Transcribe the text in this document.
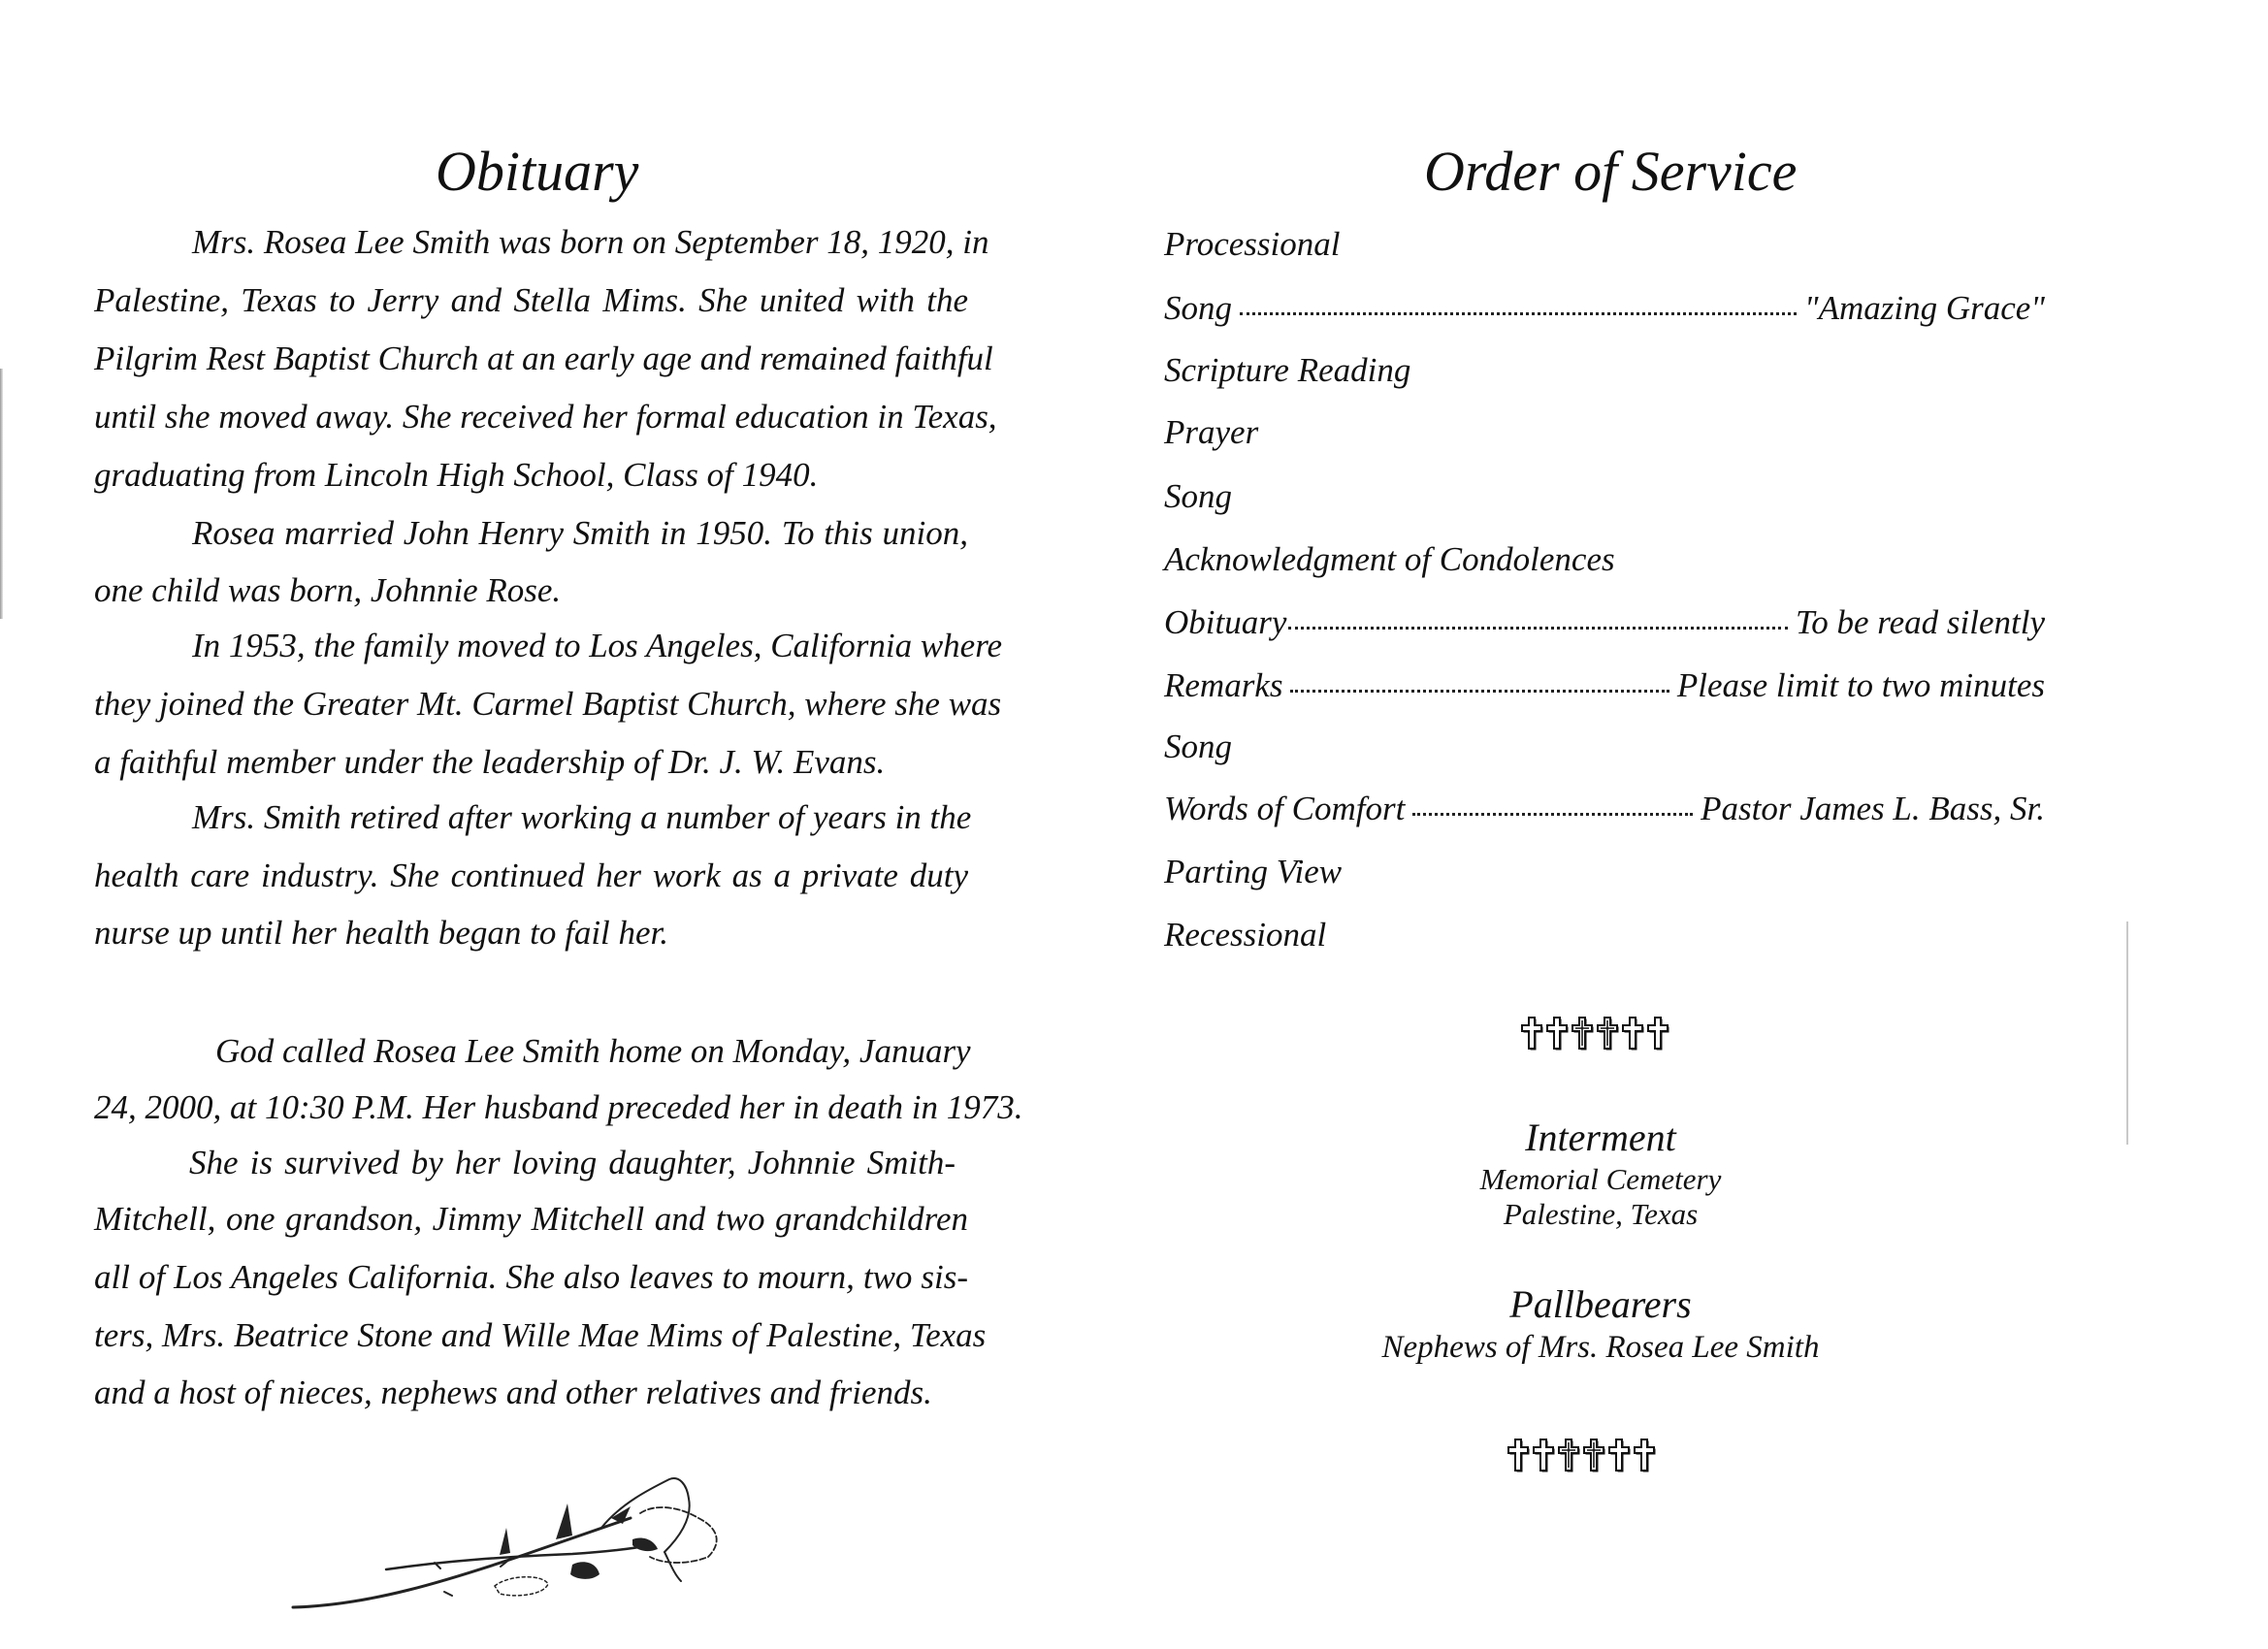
Obituary
Mrs. Rosea Lee Smith was born on September 18, 1920, in
Palestine, Texas to Jerry and Stella Mims. She united with the
Pilgrim Rest Baptist Church at an early age and remained faithful
until she moved away. She received her formal education in Texas,
graduating from Lincoln High School, Class of 1940.
Rosea married John Henry Smith in 1950. To this union,
one child was born, Johnnie Rose.
In 1953, the family moved to Los Angeles, California where
they joined the Greater Mt. Carmel Baptist Church, where she was
a faithful member under the leadership of Dr. J. W. Evans.
Mrs. Smith retired after working a number of years in the
health care industry. She continued her work as a private duty
nurse up until her health began to fail her.
God called Rosea Lee Smith home on Monday, January
24, 2000, at 10:30 P.M. Her husband preceded her in death in 1973.
She is survived by her loving daughter, Johnnie Smith-
Mitchell, one grandson, Jimmy Mitchell and two grandchildren
all of Los Angeles California. She also leaves to mourn, two sis-
ters, Mrs. Beatrice Stone and Wille Mae Mims of Palestine, Texas
and a host of nieces, nephews and other relatives and friends.
Order of Service
Processional
Song	"Amazing Grace"
Scripture Reading
Prayer
Song
Acknowledgment of Condolences
Obituary	To be read silently
Remarks	Please limit to two minutes
Song
Words of Comfort	Pastor James L. Bass, Sr.
Parting View
Recessional
Interment
Memorial Cemetery
Palestine, Texas
Pallbearers
Nephews of Mrs. Rosea Lee Smith
